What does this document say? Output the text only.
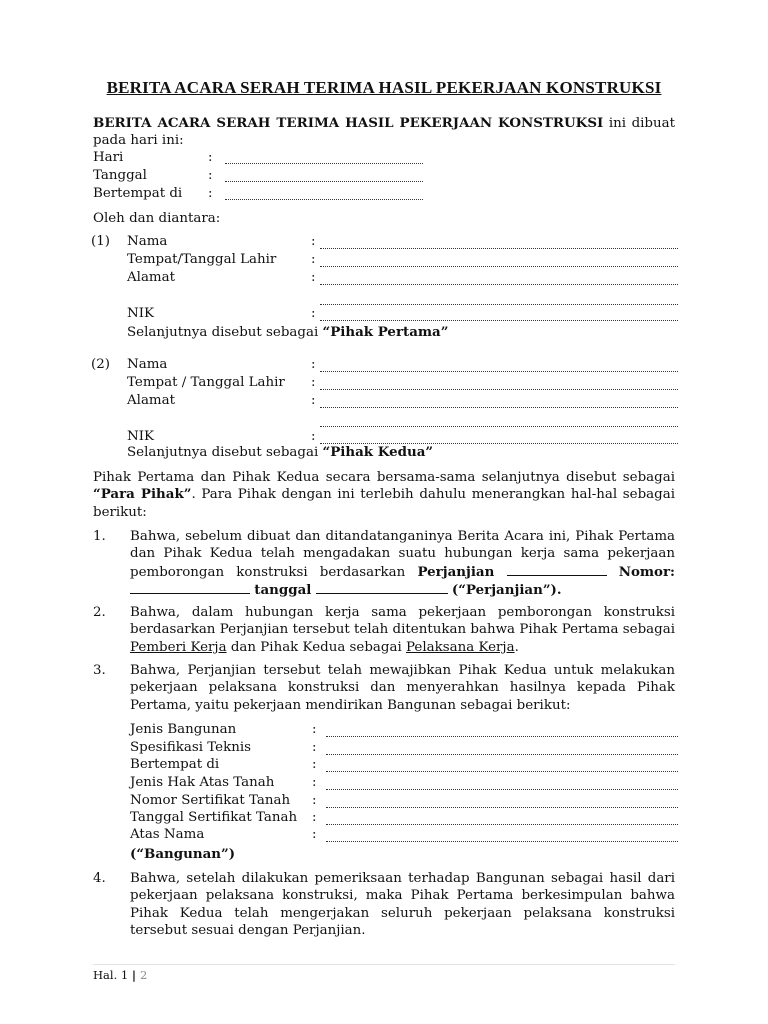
BERITA ACARA SERAH TERIMA HASIL PEKERJAAN KONSTRUKSI
BERITA ACARA SERAH TERIMA HASIL PEKERJAAN KONSTRUKSI ini dibuat pada hari ini:
Hari	:
Tanggal	:
Bertempat di :
Oleh dan diantara:
(1) Nama	:
Tempat/Tanggal Lahir	:
Alamat	:
NIK	:
Selanjutnya disebut sebagai “Pihak Pertama”
(2) Nama	:
Tempat / Tanggal Lahir :
Alamat	:
NIK	:
Selanjutnya disebut sebagai “Pihak Kedua”
Pihak Pertama dan Pihak Kedua secara bersama-sama selanjutnya disebut sebagai “Para Pihak”. Para Pihak dengan ini terlebih dahulu menerangkan hal-hal sebagai berikut:
1. Bahwa, sebelum dibuat dan ditandatanganinya Berita Acara ini, Pihak Pertama dan Pihak Kedua telah mengadakan suatu hubungan kerja sama pekerjaan pemborongan konstruksi berdasarkan Perjanjian	Nomor:  tanggal	(“Perjanjian”).
2. Bahwa, dalam hubungan kerja sama pekerjaan pemborongan konstruksi berdasarkan Perjanjian tersebut telah ditentukan bahwa Pihak Pertama sebagai Pemberi Kerja dan Pihak Kedua sebagai Pelaksana Kerja.
3. Bahwa, Perjanjian tersebut telah mewajibkan Pihak Kedua untuk melakukan pekerjaan pelaksana konstruksi dan menyerahkan hasilnya kepada Pihak Pertama, yaitu pekerjaan mendirikan Bangunan sebagai berikut:
Jenis Bangunan	:
Spesifikasi Teknis	:
Bertempat di	:
Jenis Hak Atas Tanah	:
Nomor Sertifikat Tanah :
Tanggal Sertifikat Tanah :
Atas Nama	:
(“Bangunan”)
4. Bahwa, setelah dilakukan pemeriksaan terhadap Bangunan sebagai hasil dari pekerjaan pelaksana konstruksi, maka Pihak Pertama berkesimpulan bahwa Pihak Kedua telah mengerjakan seluruh pekerjaan pelaksana konstruksi tersebut sesuai dengan Perjanjian.
Hal. 1 | 2
